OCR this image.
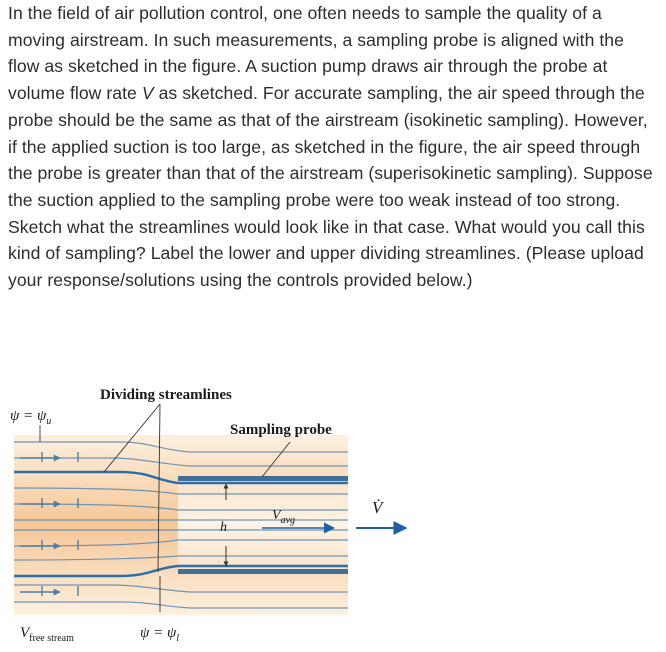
In the field of air pollution control, one often needs to sample the quality of a moving airstream. In such measurements, a sampling probe is aligned with the flow as sketched in the figure. A suction pump draws air through the probe at volume flow rate V as sketched. For accurate sampling, the air speed through the probe should be the same as that of the airstream (isokinetic sampling). However, if the applied suction is too large, as sketched in the figure, the air speed through the probe is greater than that of the airstream (superisokinetic sampling). Suppose the suction applied to the sampling probe were too weak instead of too strong. Sketch what the streamlines would look like in that case. What would you call this kind of sampling? Label the lower and upper dividing streamlines. (Please upload your response/solutions using the controls provided below.)
Dividing streamlines
$\psi = \psi_u$
Sampling probe
$V_{avg}$
h
V̇
$V_{free stream}$	$\psi = \psi_l$
